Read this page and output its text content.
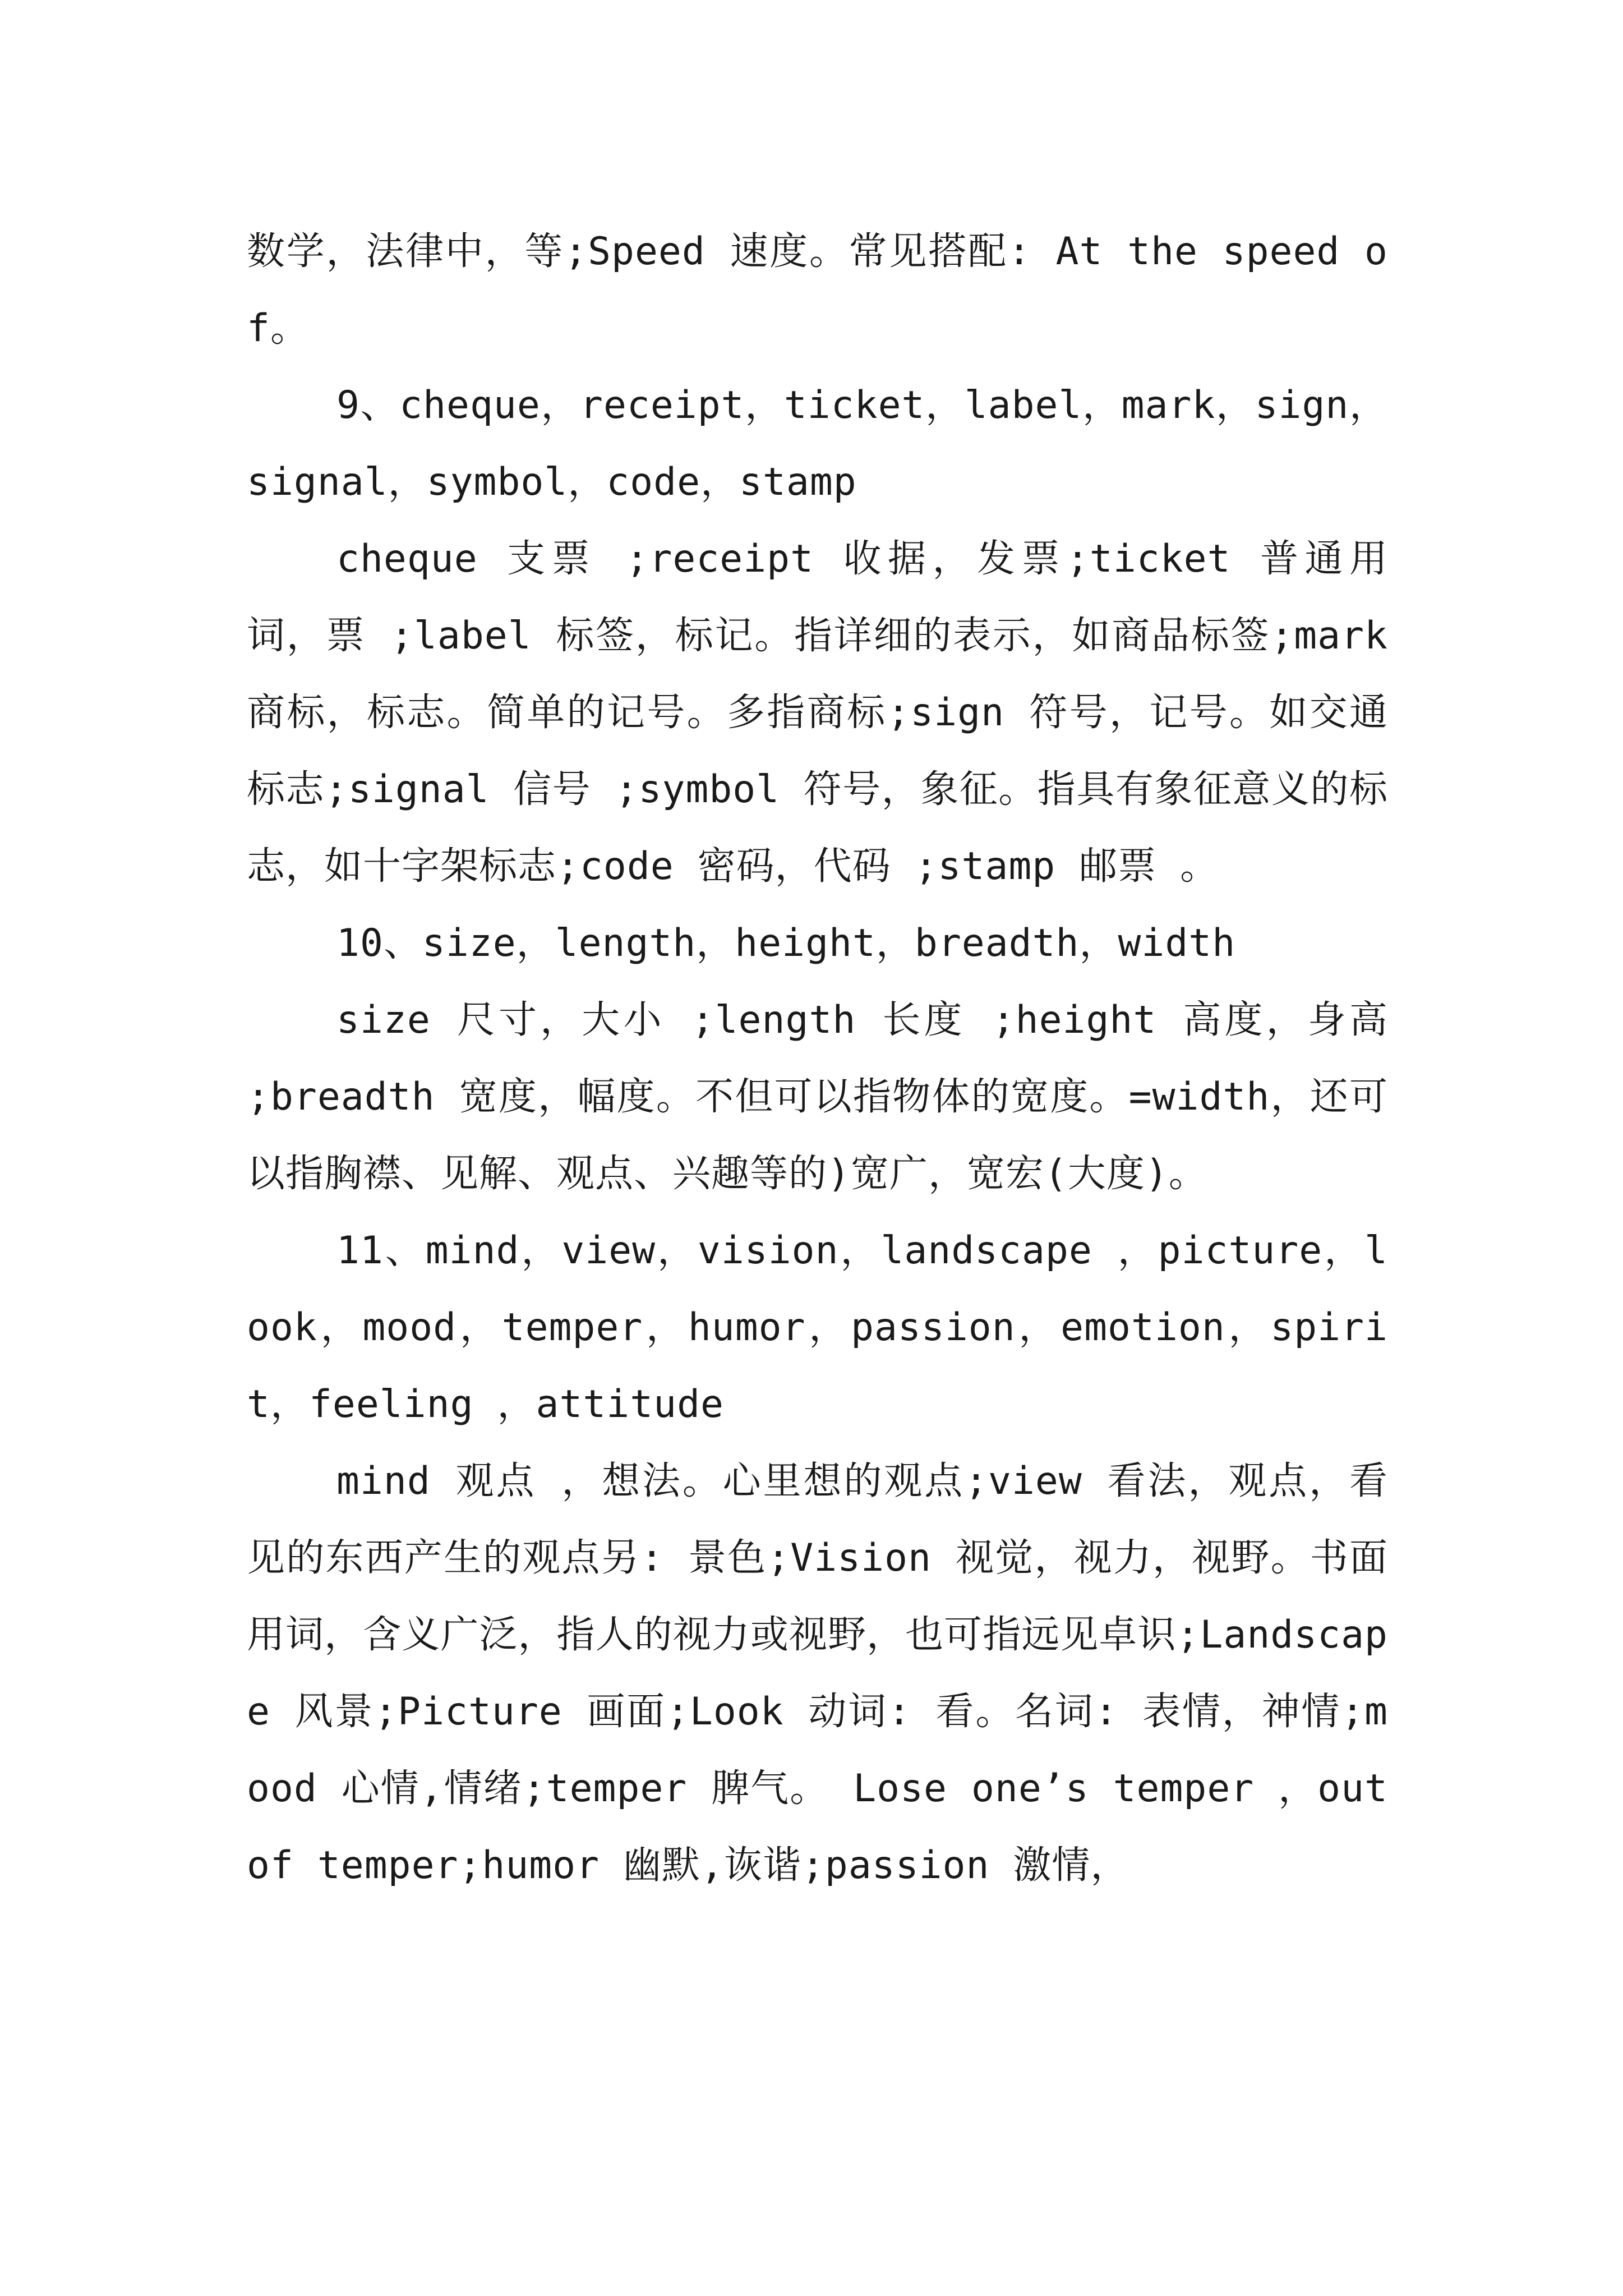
数学，法律中，等;Speed 速度。常见搭配: At the speed of。

9、cheque，receipt，ticket，label，mark，sign，signal，symbol，code，stamp

cheque 支票 ;receipt 收据，发票;ticket 普通用词，票 ;label 标签，标记。指详细的表示，如商品标签;mark 商标，标志。简单的记号。多指商标;sign 符号，记号。如交通标志;signal 信号 ;symbol 符号，象征。指具有象征意义的标志，如十字架标志;code 密码，代码 ;stamp 邮票 。

10、size，length，height，breadth，width

size 尺寸，大小 ;length 长度 ;height 高度，身高 ;breadth 宽度，幅度。不但可以指物体的宽度。=width，还可以指胸襟、见解、观点、兴趣等的)宽广，宽宏(大度)。

11、mind，view，vision，landscape ，picture，look，mood，temper，humor，passion，emotion，spirit，feeling ，attitude

mind 观点 ，想法。心里想的观点;view 看法，观点，看见的东西产生的观点另: 景色;Vision 视觉，视力，视野。书面用词，含义广泛，指人的视力或视野，也可指远见卓识;Landscape 风景;Picture 画面;Look 动词: 看。名词: 表情，神情;mood 心情,情绪;temper 脾气。 Lose one’s temper ，out of temper;humor 幽默,诙谐;passion 激情，
